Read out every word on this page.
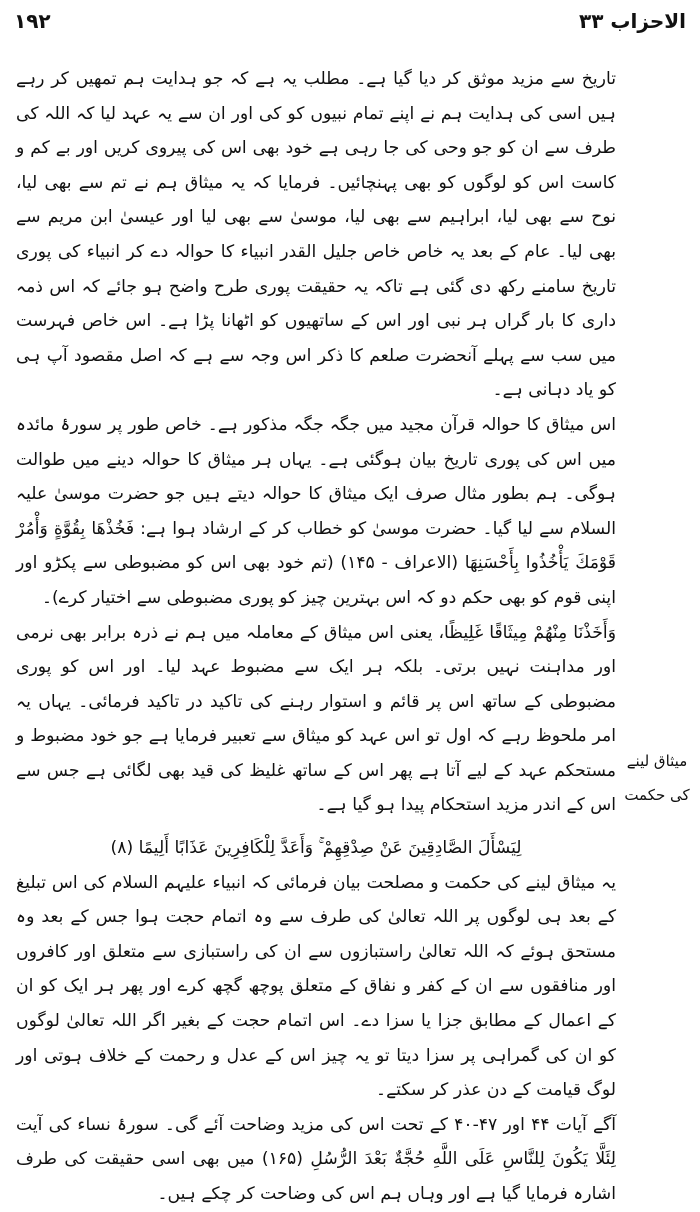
۱۹۲	الاحزاب ۳۳

تاریخ سے مزید موثق کر دیا گیا ہے۔ مطلب یہ ہے کہ جو ہدایت ہم تمھیں کر رہے ہیں اسی کی ہدایت ہم نے اپنے تمام نبیوں کو کی اور ان سے یہ عہد لیا کہ اللہ کی طرف سے ان کو جو وحی کی جا رہی ہے خود بھی اس کی پیروی کریں اور بے کم و کاست اس کو لوگوں کو بھی پہنچائیں۔ فرمایا کہ یہ میثاق ہم نے تم سے بھی لیا، نوح سے بھی لیا، ابراہیم سے بھی لیا، موسیٰ سے بھی لیا اور عیسیٰ ابن مریم سے بھی لیا۔ عام کے بعد یہ خاص خاص جلیل القدر انبیاء کا حوالہ دے کر انبیاء کی پوری تاریخ سامنے رکھ دی گئی ہے تاکہ یہ حقیقت پوری طرح واضح ہو جائے کہ اس ذمہ داری کا بار گراں ہر نبی اور اس کے ساتھیوں کو اٹھانا پڑا ہے۔ اس خاص فہرست میں سب سے پہلے آنحضرت صلعم کا ذکر اس وجہ سے ہے کہ اصل مقصود آپ ہی کو یاد دہانی ہے۔

اس میثاق کا حوالہ قرآن مجید میں جگہ جگہ مذکور ہے۔ خاص طور پر سورۂ مائدہ میں اس کی پوری تاریخ بیان ہوگئی ہے۔ یہاں ہر میثاق کا حوالہ دینے میں طوالت ہوگی۔ ہم بطور مثال صرف ایک میثاق کا حوالہ دیتے ہیں جو حضرت موسیٰ علیہ السلام سے لیا گیا۔ حضرت موسیٰ کو خطاب کر کے ارشاد ہوا ہے: فَخُذْهَا بِقُوَّةٍ وَأْمُرْ قَوْمَكَ يَأْخُذُوا بِأَحْسَنِهَا (الاعراف - ۱۴۵) (تم خود بھی اس کو مضبوطی سے پکڑو اور اپنی قوم کو بھی حکم دو کہ اس بہترین چیز کو پوری مضبوطی سے اختیار کرے)۔

وَأَخَذْنَا مِنْهُمْ مِيثَاقًا غَلِيظًا، یعنی اس میثاق کے معاملہ میں ہم نے ذرہ برابر بھی نرمی اور مداہنت نہیں برتی۔ بلکہ ہر ایک سے مضبوط عہد لیا۔ اور اس کو پوری مضبوطی کے ساتھ اس پر قائم و استوار رہنے کی تاکید در تاکید فرمائی۔ یہاں یہ امر ملحوظ رہے کہ اول تو اس عہد کو میثاق سے تعبیر فرمایا ہے جو خود مضبوط و مستحکم عہد کے لیے آتا ہے پھر اس کے ساتھ غلیظ کی قید بھی لگائی ہے جس سے اس کے اندر مزید استحکام پیدا ہو گیا ہے۔

لِيَسْأَلَ الصَّادِقِينَ عَنْ صِدْقِهِمْ ۚ وَأَعَدَّ لِلْكَافِرِينَ عَذَابًا أَلِيمًا (۸)

یہ میثاق لینے کی حکمت و مصلحت بیان فرمائی کہ انبیاء علیہم السلام کی اس تبلیغ کے بعد ہی لوگوں پر اللہ تعالیٰ کی طرف سے وہ اتمام حجت ہوا جس کے بعد وہ مستحق ہوئے کہ اللہ تعالیٰ راستبازوں سے ان کی راستبازی سے متعلق اور کافروں اور منافقوں سے ان کے کفر و نفاق کے متعلق پوچھ گچھ کرے اور پھر ہر ایک کو ان کے اعمال کے مطابق جزا یا سزا دے۔ اس اتمام حجت کے بغیر اگر اللہ تعالیٰ لوگوں کو ان کی گمراہی پر سزا دیتا تو یہ چیز اس کے عدل و رحمت کے خلاف ہوتی اور لوگ قیامت کے دن عذر کر سکتے۔

آگے آیات ۴۴ اور ۴۷-۴۰ کے تحت اس کی مزید وضاحت آئے گی۔ سورۂ نساء کی آیت لِئَلَّا يَكُونَ لِلنَّاسِ عَلَى اللَّهِ حُجَّةٌ بَعْدَ الرُّسُلِ (۱۶۵) میں بھی اسی حقیقت کی طرف اشارہ فرمایا گیا ہے اور وہاں ہم اس کی وضاحت کر چکے ہیں۔

میثاق لینے کی حکمت
